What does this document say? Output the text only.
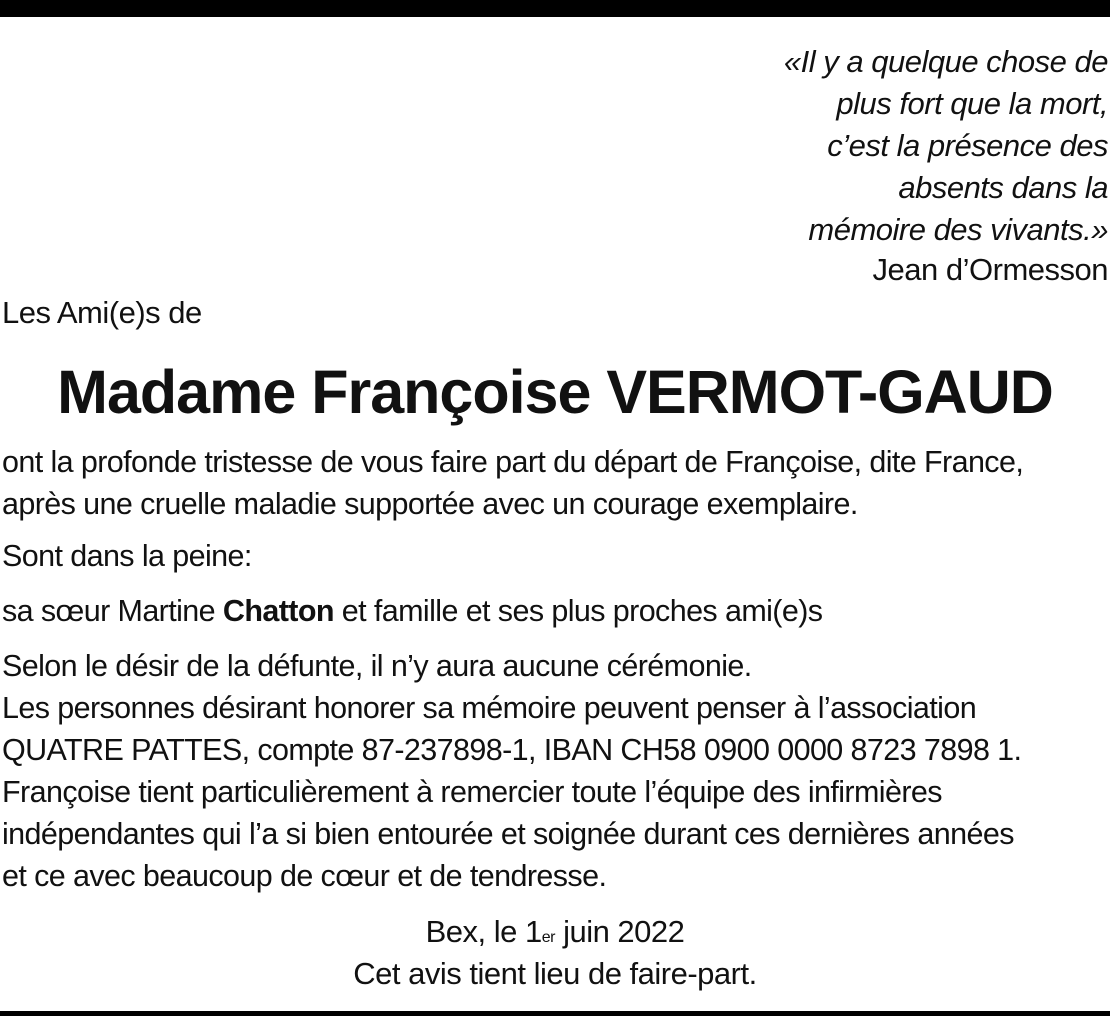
«Il y a quelque chose de
plus fort que la mort,
c’est la présence des
absents dans la
mémoire des vivants.»
Jean d’Ormesson
Les Ami(e)s de
Madame Françoise VERMOT-GAUD
ont la profonde tristesse de vous faire part du départ de Françoise, dite France,
après une cruelle maladie supportée avec un courage exemplaire.
Sont dans la peine:
sa sœur Martine Chatton et famille et ses plus proches ami(e)s
Selon le désir de la défunte, il n’y aura aucune cérémonie.
Les personnes désirant honorer sa mémoire peuvent penser à l’association
QUATRE PATTES, compte 87-237898-1, IBAN CH58 0900 0000 8723 7898 1.
Françoise tient particulièrement à remercier toute l’équipe des infirmières
indépendantes qui l’a si bien entourée et soignée durant ces dernières années
et ce avec beaucoup de cœur et de tendresse.
Bex, le 1er juin 2022
Cet avis tient lieu de faire-part.
